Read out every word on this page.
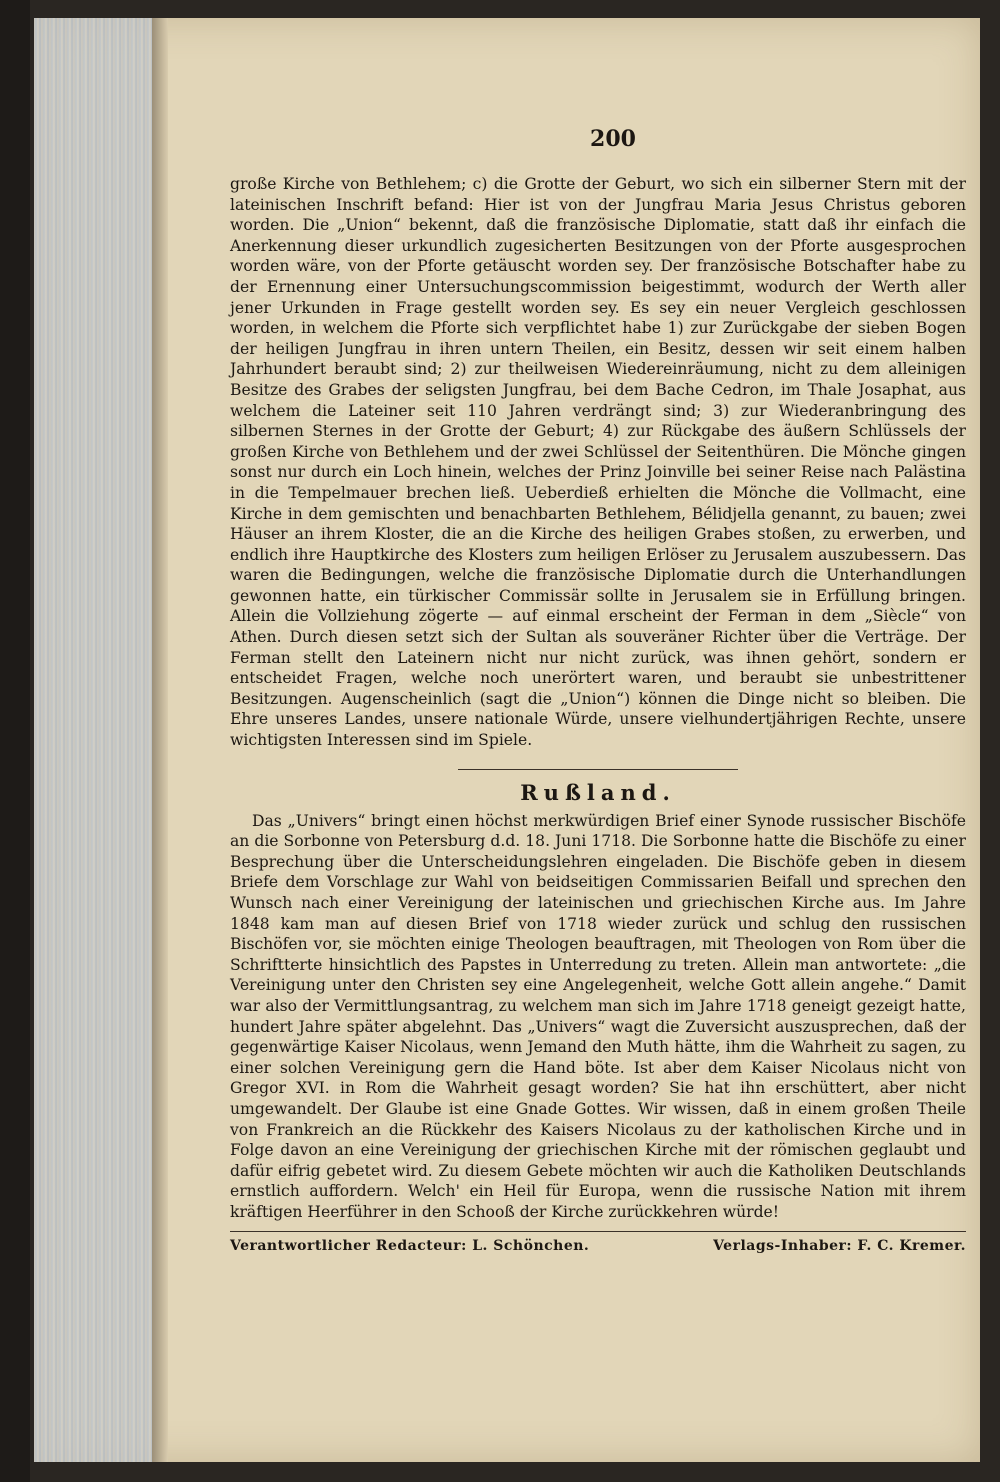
200

große Kirche von Bethlehem; c) die Grotte der Geburt, wo sich ein silberner Stern mit der lateinischen Inschrift befand: Hier ist von der Jungfrau Maria Jesus Christus geboren worden. Die „Union“ bekennt, daß die französische Diplomatie, statt daß ihr einfach die Anerkennung dieser urkundlich zugesicherten Besitzungen von der Pforte ausgesprochen worden wäre, von der Pforte getäuscht worden sey. Der französische Botschafter habe zu der Ernennung einer Untersuchungscommission beigestimmt, wodurch der Werth aller jener Urkunden in Frage gestellt worden sey. Es sey ein neuer Vergleich geschlossen worden, in welchem die Pforte sich verpflichtet habe 1) zur Zurückgabe der sieben Bogen der heiligen Jungfrau in ihren untern Theilen, ein Besitz, dessen wir seit einem halben Jahrhundert beraubt sind; 2) zur theilweisen Wiedereinräumung, nicht zu dem alleinigen Besitze des Grabes der seligsten Jungfrau, bei dem Bache Cedron, im Thale Josaphat, aus welchem die Lateiner seit 110 Jahren verdrängt sind; 3) zur Wiederanbringung des silbernen Sternes in der Grotte der Geburt; 4) zur Rückgabe des äußern Schlüssels der großen Kirche von Bethlehem und der zwei Schlüssel der Seitenthüren. Die Mönche gingen sonst nur durch ein Loch hinein, welches der Prinz Joinville bei seiner Reise nach Palästina in die Tempelmauer brechen ließ. Ueberdieß erhielten die Mönche die Vollmacht, eine Kirche in dem gemischten und benachbarten Bethlehem, Bélidjella genannt, zu bauen; zwei Häuser an ihrem Kloster, die an die Kirche des heiligen Grabes stoßen, zu erwerben, und endlich ihre Hauptkirche des Klosters zum heiligen Erlöser zu Jerusalem auszubessern. Das waren die Bedingungen, welche die französische Diplomatie durch die Unterhandlungen gewonnen hatte, ein türkischer Commissär sollte in Jerusalem sie in Erfüllung bringen. Allein die Vollziehung zögerte — auf einmal erscheint der Ferman in dem „Siècle“ von Athen. Durch diesen setzt sich der Sultan als souveräner Richter über die Verträge. Der Ferman stellt den Lateinern nicht nur nicht zurück, was ihnen gehört, sondern er entscheidet Fragen, welche noch unerörtert waren, und beraubt sie unbestrittener Besitzungen. Augenscheinlich (sagt die „Union“) können die Dinge nicht so bleiben. Die Ehre unseres Landes, unsere nationale Würde, unsere vielhundertjährigen Rechte, unsere wichtigsten Interessen sind im Spiele.

Rußland.

Das „Univers“ bringt einen höchst merkwürdigen Brief einer Synode russischer Bischöfe an die Sorbonne von Petersburg d.d. 18. Juni 1718. Die Sorbonne hatte die Bischöfe zu einer Besprechung über die Unterscheidungslehren eingeladen. Die Bischöfe geben in diesem Briefe dem Vorschlage zur Wahl von beidseitigen Commissarien Beifall und sprechen den Wunsch nach einer Vereinigung der lateinischen und griechischen Kirche aus. Im Jahre 1848 kam man auf diesen Brief von 1718 wieder zurück und schlug den russischen Bischöfen vor, sie möchten einige Theologen beauftragen, mit Theologen von Rom über die Schriftterte hinsichtlich des Papstes in Unterredung zu treten. Allein man antwortete: „die Vereinigung unter den Christen sey eine Angelegenheit, welche Gott allein angehe.“ Damit war also der Vermittlungsantrag, zu welchem man sich im Jahre 1718 geneigt gezeigt hatte, hundert Jahre später abgelehnt. Das „Univers“ wagt die Zuversicht auszusprechen, daß der gegenwärtige Kaiser Nicolaus, wenn Jemand den Muth hätte, ihm die Wahrheit zu sagen, zu einer solchen Vereinigung gern die Hand böte. Ist aber dem Kaiser Nicolaus nicht von Gregor XVI. in Rom die Wahrheit gesagt worden? Sie hat ihn erschüttert, aber nicht umgewandelt. Der Glaube ist eine Gnade Gottes. Wir wissen, daß in einem großen Theile von Frankreich an die Rückkehr des Kaisers Nicolaus zu der katholischen Kirche und in Folge davon an eine Vereinigung der griechischen Kirche mit der römischen geglaubt und dafür eifrig gebetet wird. Zu diesem Gebete möchten wir auch die Katholiken Deutschlands ernstlich auffordern. Welch' ein Heil für Europa, wenn die russische Nation mit ihrem kräftigen Heerführer in den Schooß der Kirche zurückkehren würde!

Verantwortlicher Redacteur: L. Schönchen.	Verlags-Inhaber: F. C. Kremer.
